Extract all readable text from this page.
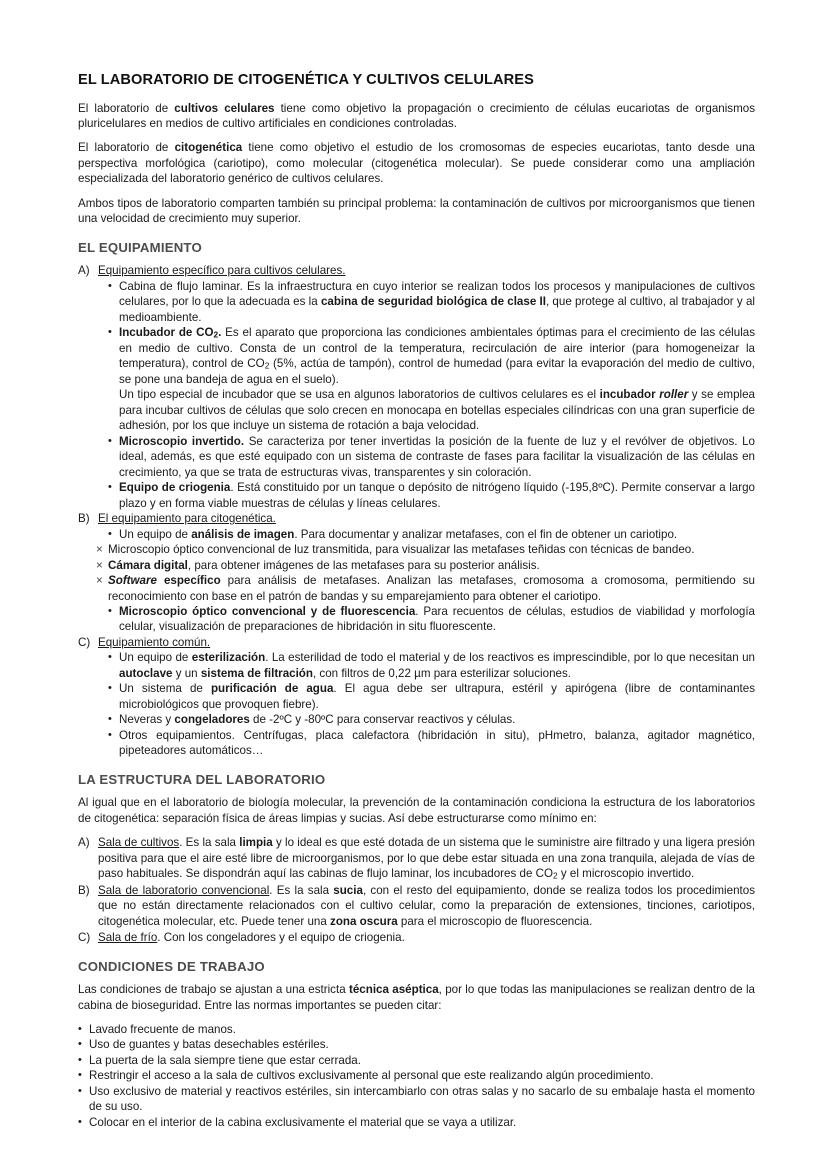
EL LABORATORIO DE CITOGENÉTICA Y CULTIVOS CELULARES

El laboratorio de cultivos celulares tiene como objetivo la propagación o crecimiento de células eucariotas de organismos pluricelulares en medios de cultivo artificiales en condiciones controladas.

El laboratorio de citogenética tiene como objetivo el estudio de los cromosomas de especies eucariotas, tanto desde una perspectiva morfológica (cariotipo), como molecular (citogenética molecular). Se puede considerar como una ampliación especializada del laboratorio genérico de cultivos celulares.

Ambos tipos de laboratorio comparten también su principal problema: la contaminación de cultivos por microorganismos que tienen una velocidad de crecimiento muy superior.

EL EQUIPAMIENTO
A) Equipamiento específico para cultivos celulares.
• Cabina de flujo laminar. Es la infraestructura en cuyo interior se realizan todos los procesos y manipulaciones de cultivos celulares, por lo que la adecuada es la cabina de seguridad biológica de clase II, que protege al cultivo, al trabajador y al medioambiente.
• Incubador de $CO_2$. Es el aparato que proporciona las condiciones ambientales óptimas para el crecimiento de las células en medio de cultivo. Consta de un control de la temperatura, recirculación de aire interior (para homogeneizar la temperatura), control de $CO_2$ (5%, actúa de tampón), control de humedad (para evitar la evaporación del medio de cultivo, se pone una bandeja de agua en el suelo).
Un tipo especial de incubador que se usa en algunos laboratorios de cultivos celulares es el incubador roller y se emplea para incubar cultivos de células que solo crecen en monocapa en botellas especiales cilíndricas con una gran superficie de adhesión, por los que incluye un sistema de rotación a baja velocidad.
• Microscopio invertido. Se caracteriza por tener invertidas la posición de la fuente de luz y el revólver de objetivos. Lo ideal, además, es que esté equipado con un sistema de contraste de fases para facilitar la visualización de las células en crecimiento, ya que se trata de estructuras vivas, transparentes y sin coloración.
• Equipo de criogenia. Está constituido por un tanque o depósito de nitrógeno líquido (-195,8ºC). Permite conservar a largo plazo y en forma viable muestras de células y líneas celulares.
B) El equipamiento para citogenética.
• Un equipo de análisis de imagen. Para documentar y analizar metafases, con el fin de obtener un cariotipo.
× Microscopio óptico convencional de luz transmitida, para visualizar las metafases teñidas con técnicas de bandeo.
× Cámara digital, para obtener imágenes de las metafases para su posterior análisis.
× Software específico para análisis de metafases. Analizan las metafases, cromosoma a cromosoma, permitiendo su reconocimiento con base en el patrón de bandas y su emparejamiento para obtener el cariotipo.
• Microscopio óptico convencional y de fluorescencia. Para recuentos de células, estudios de viabilidad y morfología celular, visualización de preparaciones de hibridación in situ fluorescente.
C) Equipamiento común.
• Un equipo de esterilización. La esterilidad de todo el material y de los reactivos es imprescindible, por lo que necesitan un autoclave y un sistema de filtración, con filtros de 0,22 µm para esterilizar soluciones.
• Un sistema de purificación de agua. El agua debe ser ultrapura, estéril y apirógena (libre de contaminantes microbiológicos que provoquen fiebre).
• Neveras y congeladores de -2ºC y -80ºC para conservar reactivos y células.
• Otros equipamientos. Centrífugas, placa calefactora (hibridación in situ), pHmetro, balanza, agitador magnético, pipeteadores automáticos…
LA ESTRUCTURA DEL LABORATORIO

Al igual que en el laboratorio de biología molecular, la prevención de la contaminación condiciona la estructura de los laboratorios de citogenética: separación física de áreas limpias y sucias. Así debe estructurarse como mínimo en:

A) Sala de cultivos. Es la sala limpia y lo ideal es que esté dotada de un sistema que le suministre aire filtrado y una ligera presión positiva para que el aire esté libre de microorganismos, por lo que debe estar situada en una zona tranquila, alejada de vías de paso habituales. Se dispondrán aquí las cabinas de flujo laminar, los incubadores de $CO_2$ y el microscopio invertido.
B) Sala de laboratorio convencional. Es la sala sucia, con el resto del equipamiento, donde se realiza todos los procedimientos que no están directamente relacionados con el cultivo celular, como la preparación de extensiones, tinciones, cariotipos, citogenética molecular, etc. Puede tener una zona oscura para el microscopio de fluorescencia.
C) Sala de frío. Con los congeladores y el equipo de criogenia.
CONDICIONES DE TRABAJO

Las condiciones de trabajo se ajustan a una estricta técnica aséptica, por lo que todas las manipulaciones se realizan dentro de la cabina de bioseguridad. Entre las normas importantes se pueden citar:

• Lavado frecuente de manos.
• Uso de guantes y batas desechables estériles.
• La puerta de la sala siempre tiene que estar cerrada.
• Restringir el acceso a la sala de cultivos exclusivamente al personal que este realizando algún procedimiento.
• Uso exclusivo de material y reactivos estériles, sin intercambiarlo con otras salas y no sacarlo de su embalaje hasta el momento de su uso.
• Colocar en el interior de la cabina exclusivamente el material que se vaya a utilizar.
